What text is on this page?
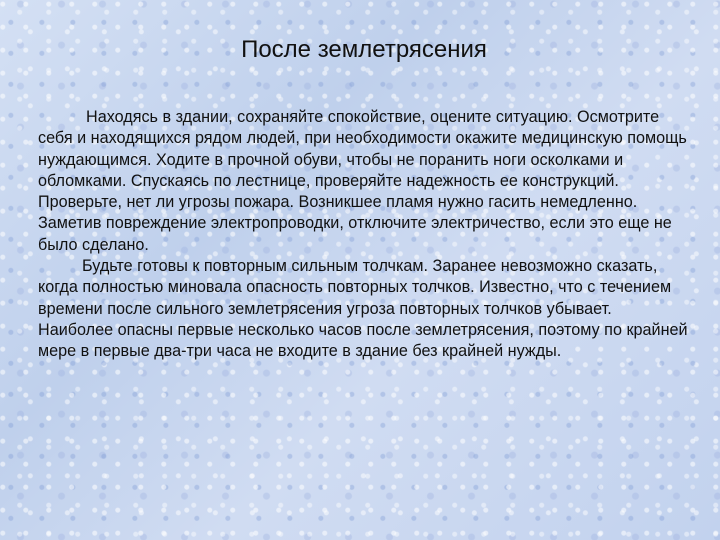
После землетрясения

Находясь в здании, сохраняйте спокойствие, оцените ситуацию. Осмотрите себя и находящихся рядом людей, при необходимости окажите медицинскую помощь нуждающимся. Ходите в прочной обуви, чтобы не поранить ноги осколками и обломками. Спускаясь по лестнице, проверяйте надежность ее конструкций.

Проверьте, нет ли угрозы пожара. Возникшее пламя нужно гасить немедленно. Заметив повреждение электропроводки, отключите электричество, если это еще не было сделано.

Будьте готовы к повторным сильным толчкам. Заранее невозможно сказать, когда полностью миновала опасность повторных толчков. Известно, что с течением времени после сильного землетрясения угроза повторных толчков убывает.

Наиболее опасны первые несколько часов после землетрясения, поэтому по крайней мере в первые два-три часа не входите в здание без крайней нужды.
